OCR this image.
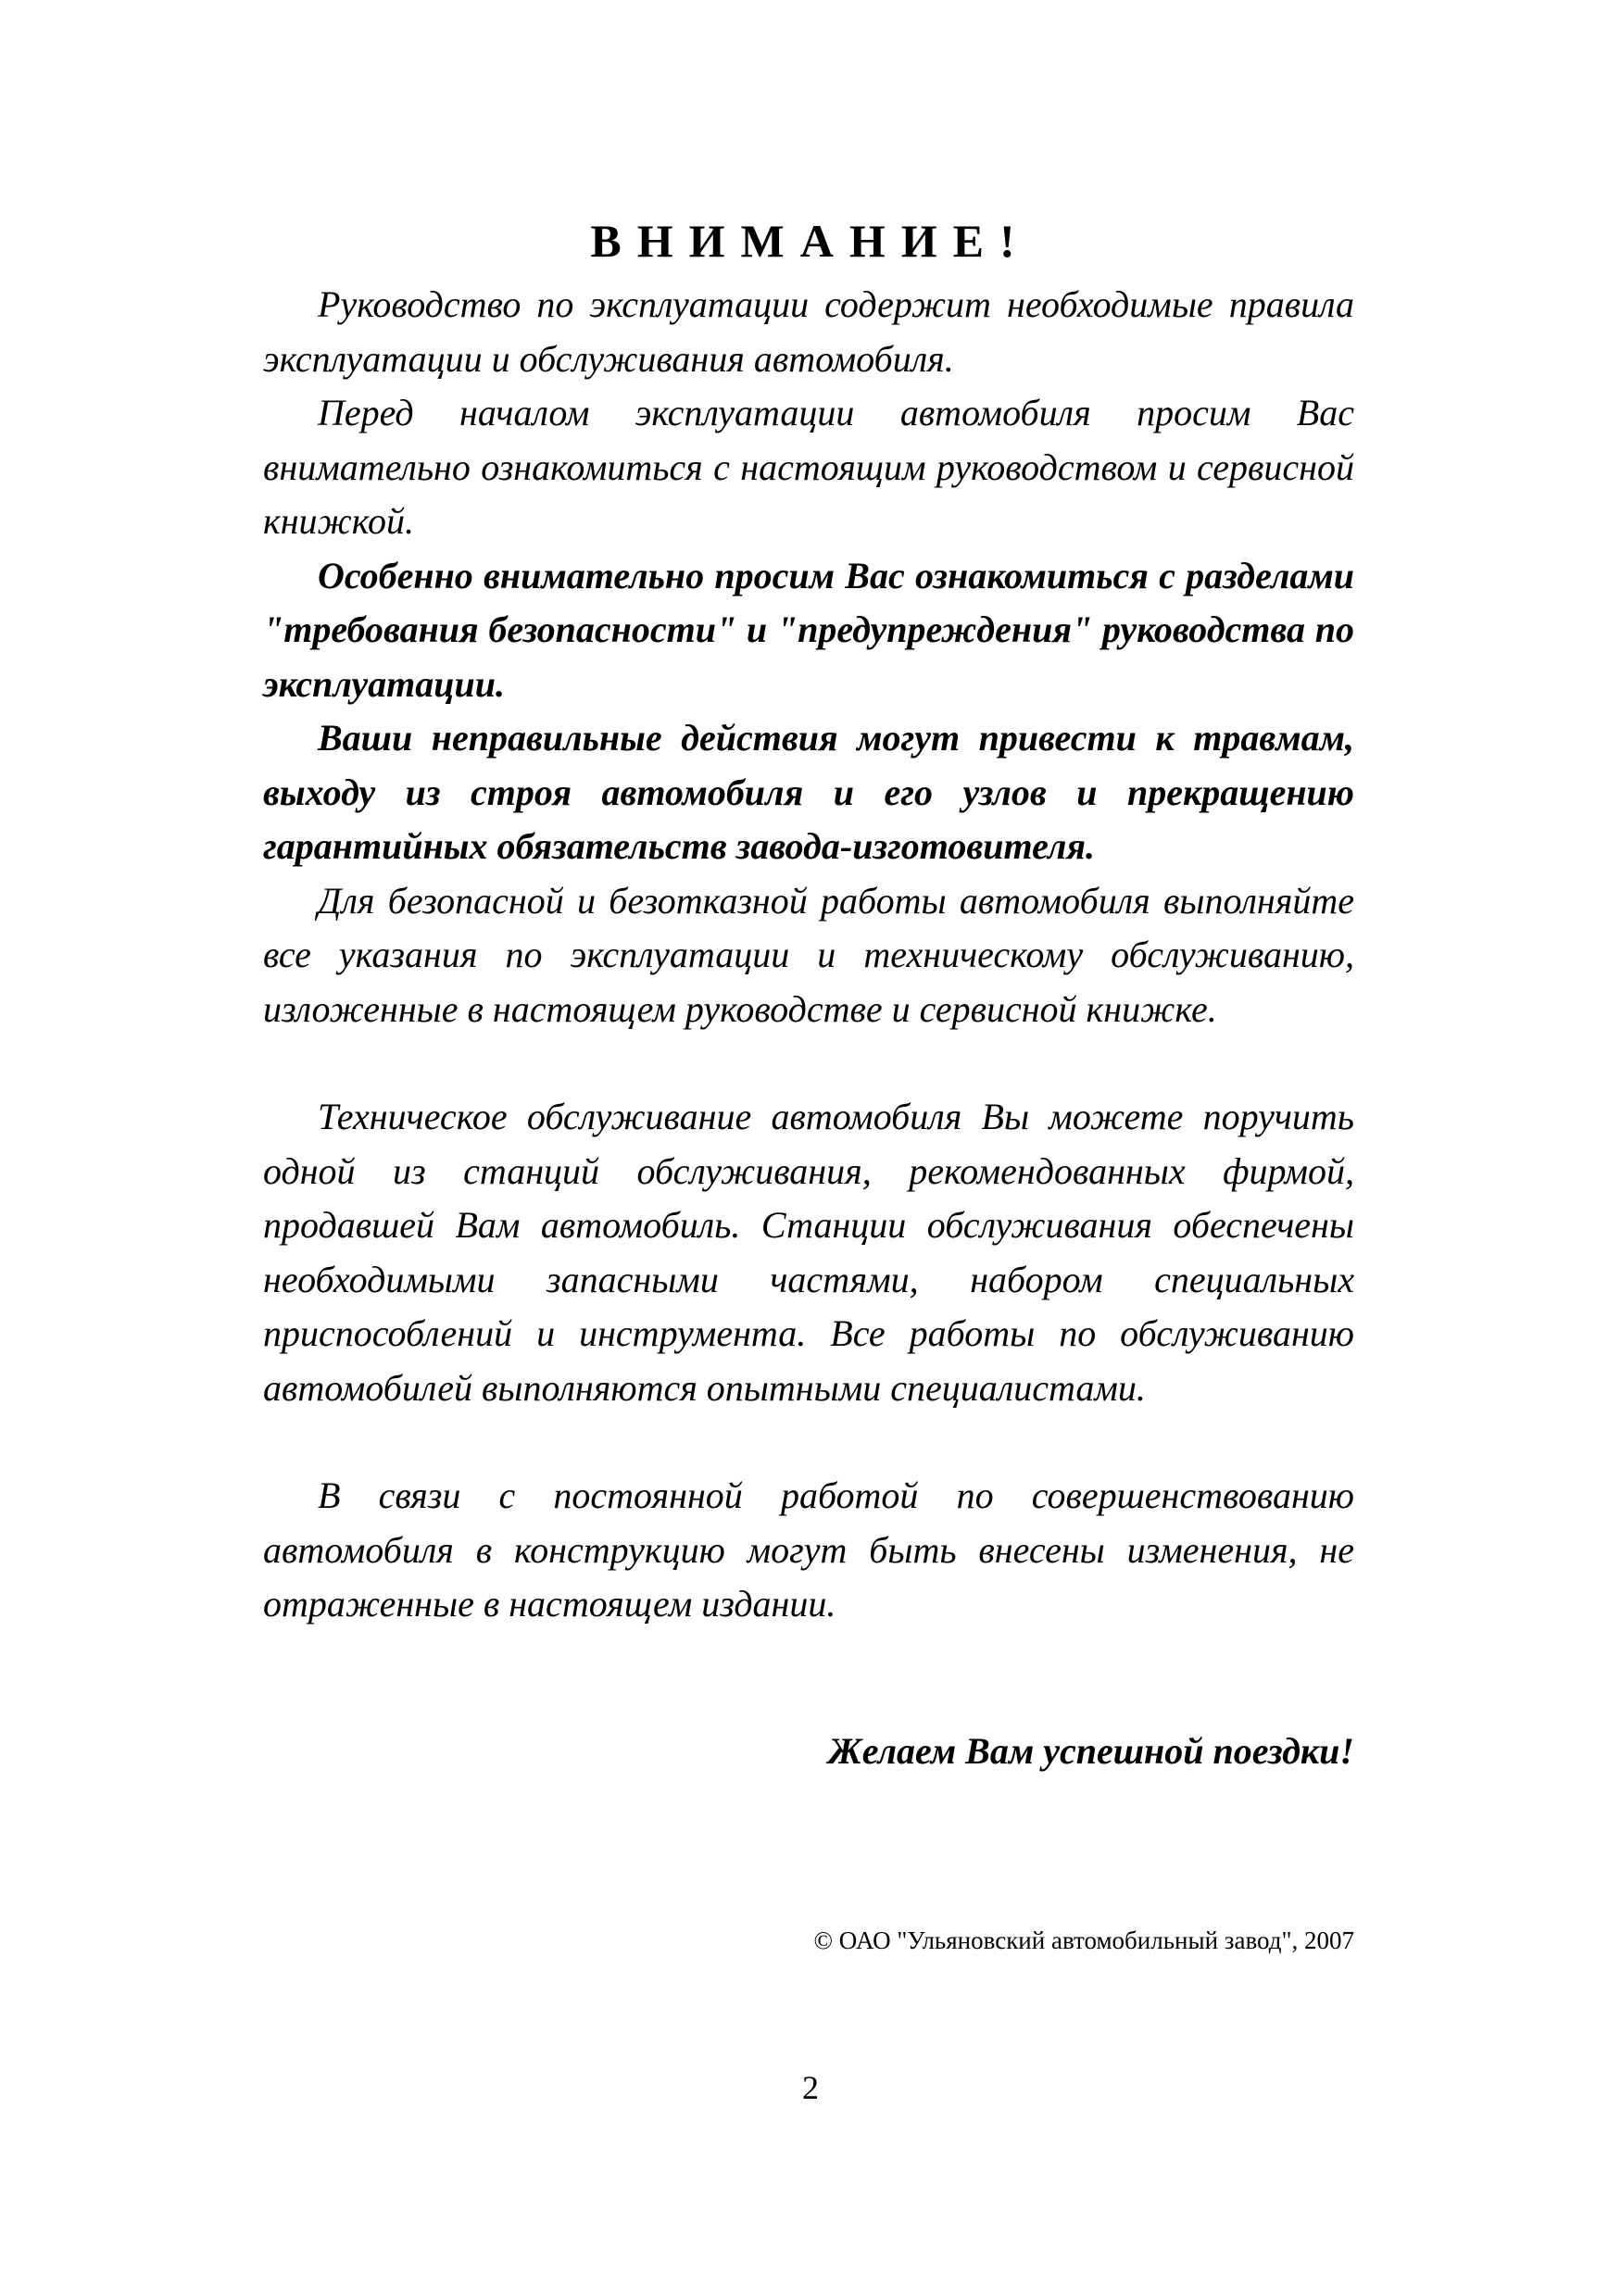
ВНИМАНИЕ!

Руководство по эксплуатации содержит необходимые правила эксплуатации и обслуживания автомобиля.

Перед началом эксплуатации автомобиля просим Вас внимательно ознакомиться с настоящим руководством и сервисной книжкой.

Особенно внимательно просим Вас ознакомиться с разделами "требования безопасности" и "предупреждения" руководства по эксплуатации.

Ваши неправильные действия могут привести к травмам, выходу из строя автомобиля и его узлов и прекращению гарантийных обязательств завода-изготовителя.

Для безопасной и безотказной работы автомобиля выполняйте все указания по эксплуатации и техническому обслуживанию, изложенные в настоящем руководстве и сервисной книжке.

Техническое обслуживание автомобиля Вы можете поручить одной из станций обслуживания, рекомендованных фирмой, продавшей Вам автомобиль. Станции обслуживания обеспечены необходимыми запасными частями, набором специальных приспособлений и инструмента. Все работы по обслуживанию автомобилей выполняются опытными специалистами.

В связи с постоянной работой по совершенствованию автомобиля в конструкцию могут быть внесены изменения, не отраженные в настоящем издании.

Желаем Вам успешной поездки!
© ОАО "Ульяновский автомобильный завод", 2007
2
